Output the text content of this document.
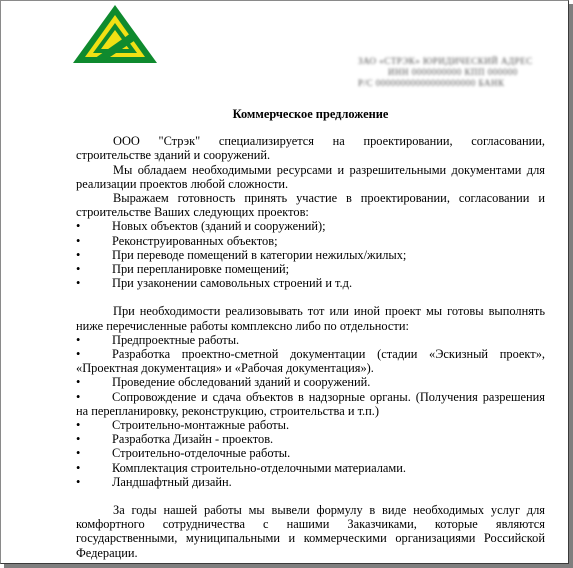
ЗАО «СТРЭК» ЮРИДИЧЕСКИЙ АДРЕС
ИНН 0000000000 КПП 000000
Р/С 00000000000000000000 БАНК
Коммерческое предложение

ООО "Стрэк" специализируется на проектировании, согласовании, строительстве зданий и сооружений.

Мы обладаем необходимыми ресурсами и разрешительными документами для реализации проектов любой сложности.

Выражаем готовность принять участие в проектировании, согласовании и строительстве Ваших следующих проектов:

•	Новых объектов (зданий и сооружений);
•	Реконструированных объектов;
•	При переводе помещений в категории нежилых/жилых;
•	При перепланировке помещений;
•	При узаконении самовольных строений и т.д.

При необходимости реализовывать тот или иной проект мы готовы выполнять ниже перечисленные работы комплексно либо по отдельности:

•	Предпроектные работы.
•	Разработка проектно-сметной документации (стадии «Эскизный проект», «Проектная документация» и «Рабочая документация»).
•	Проведение обследований зданий и сооружений.
•	Сопровождение и сдача объектов в надзорные органы. (Получения разрешения на перепланировку, реконструкцию, строительства и т.п.)
•	Строительно-монтажные работы.
•	Разработка Дизайн - проектов.
•	Строительно-отделочные работы.
•	Комплектация строительно-отделочными материалами.
•	Ландшафтный дизайн.

За годы нашей работы мы вывели формулу в виде необходимых услуг для комфортного сотрудничества с нашими Заказчиками, которые являются государственными, муниципальными и коммерческими организациями Российской Федерации.
